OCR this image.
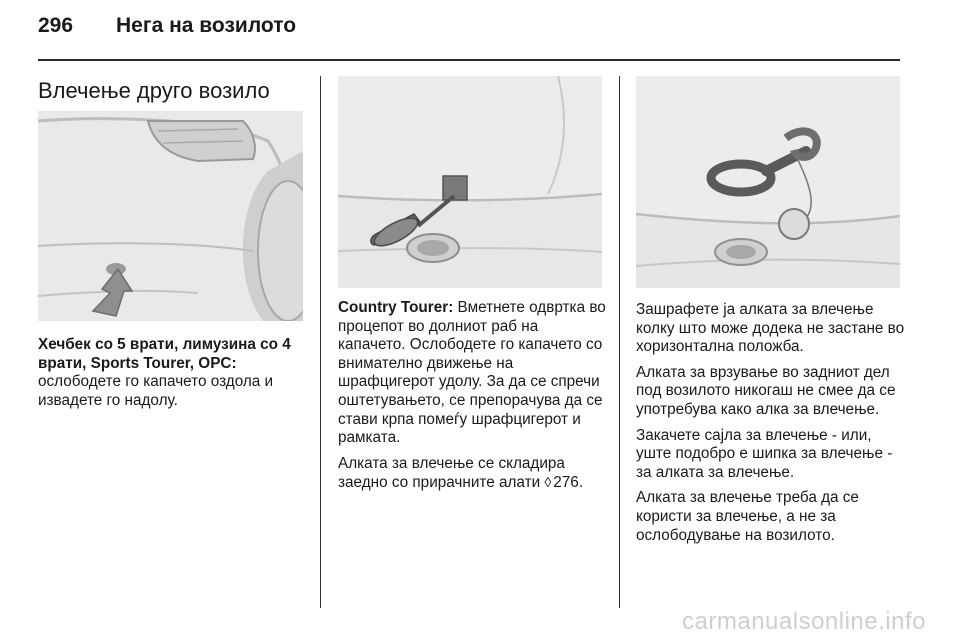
296 Нега на возилото
Влечење друго возило

Хечбек со 5 врати, лимузина со 4 врати, Sports Tourer, OPC:
ослободете го капачето оздола и извадете го надолу.

Country Tourer: Вметнете одвртка во процепот во долниот раб на капачето. Ослободете го капачето со внимателно движење на шрафцигерот удолу. За да се спречи оштетувањето, се препорачува да се стави крпа помеѓу шрафцигерот и рамката.

Алката за влечење се складира заедно со прирачните алати ◊ 276.

Зашрафете ја алката за влечење колку што може додека не застане во хоризонтална положба.

Алката за врзување во задниот дел под возилото никогаш не смее да се употребува како алка за влечење.

Закачете сајла за влечење - или, уште подобро е шипка за влечење - за алката за влечење.

Алката за влечење треба да се користи за влечење, а не за ослободување на возилото.

carmanualsonline.info
